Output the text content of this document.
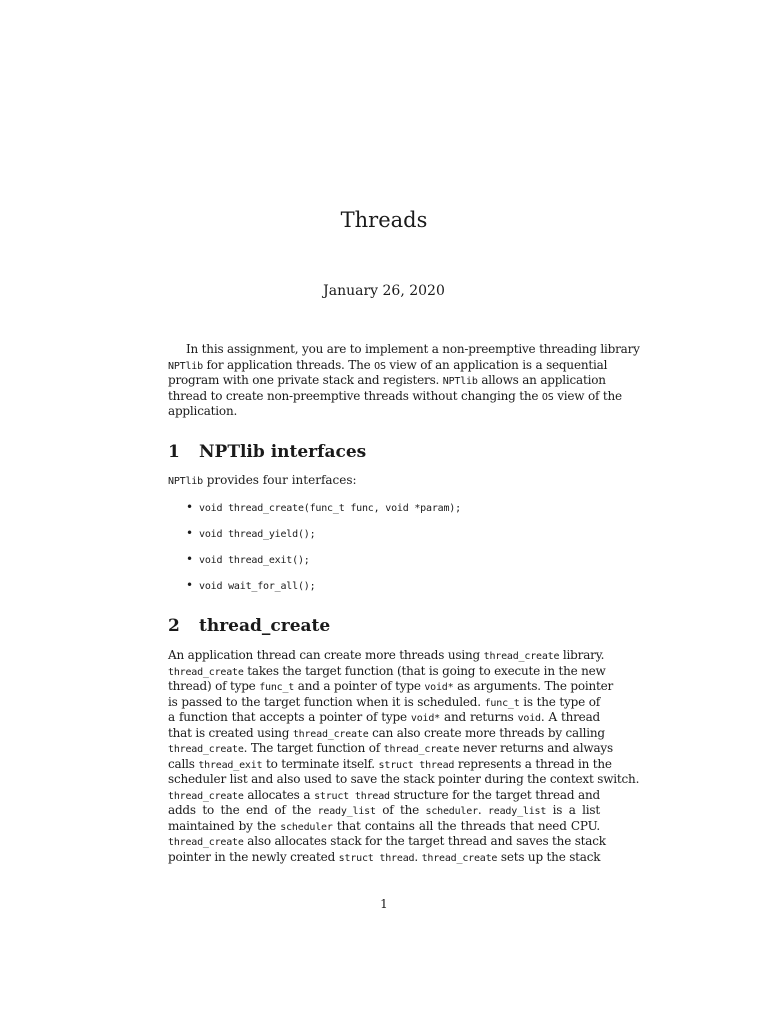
Threads
January 26, 2020
In this assignment, you are to implement a non-preemptive threading library
NPTlib for application threads. The OS view of an application is a sequential
program with one private stack and registers. NPTlib allows an application
thread to create non-preemptive threads without changing the OS view of the
application.
1 NPTlib interfaces
NPTlib provides four interfaces:
• void thread_create(func_t func, void *param);
• void thread_yield();
• void thread_exit();
• void wait_for_all();
2 thread_create
An application thread can create more threads using thread_create library.
thread_create takes the target function (that is going to execute in the new
thread) of type func_t and a pointer of type void* as arguments. The pointer
is passed to the target function when it is scheduled. func_t is the type of
a function that accepts a pointer of type void* and returns void. A thread
that is created using thread_create can also create more threads by calling
thread_create. The target function of thread_create never returns and always
calls thread_exit to terminate itself. struct thread represents a thread in the
scheduler list and also used to save the stack pointer during the context switch.
thread_create allocates a struct thread structure for the target thread and
adds to the end of the ready_list of the scheduler. ready_list is a list
maintained by the scheduler that contains all the threads that need CPU.
thread_create also allocates stack for the target thread and saves the stack
pointer in the newly created struct thread. thread_create sets up the stack
1
